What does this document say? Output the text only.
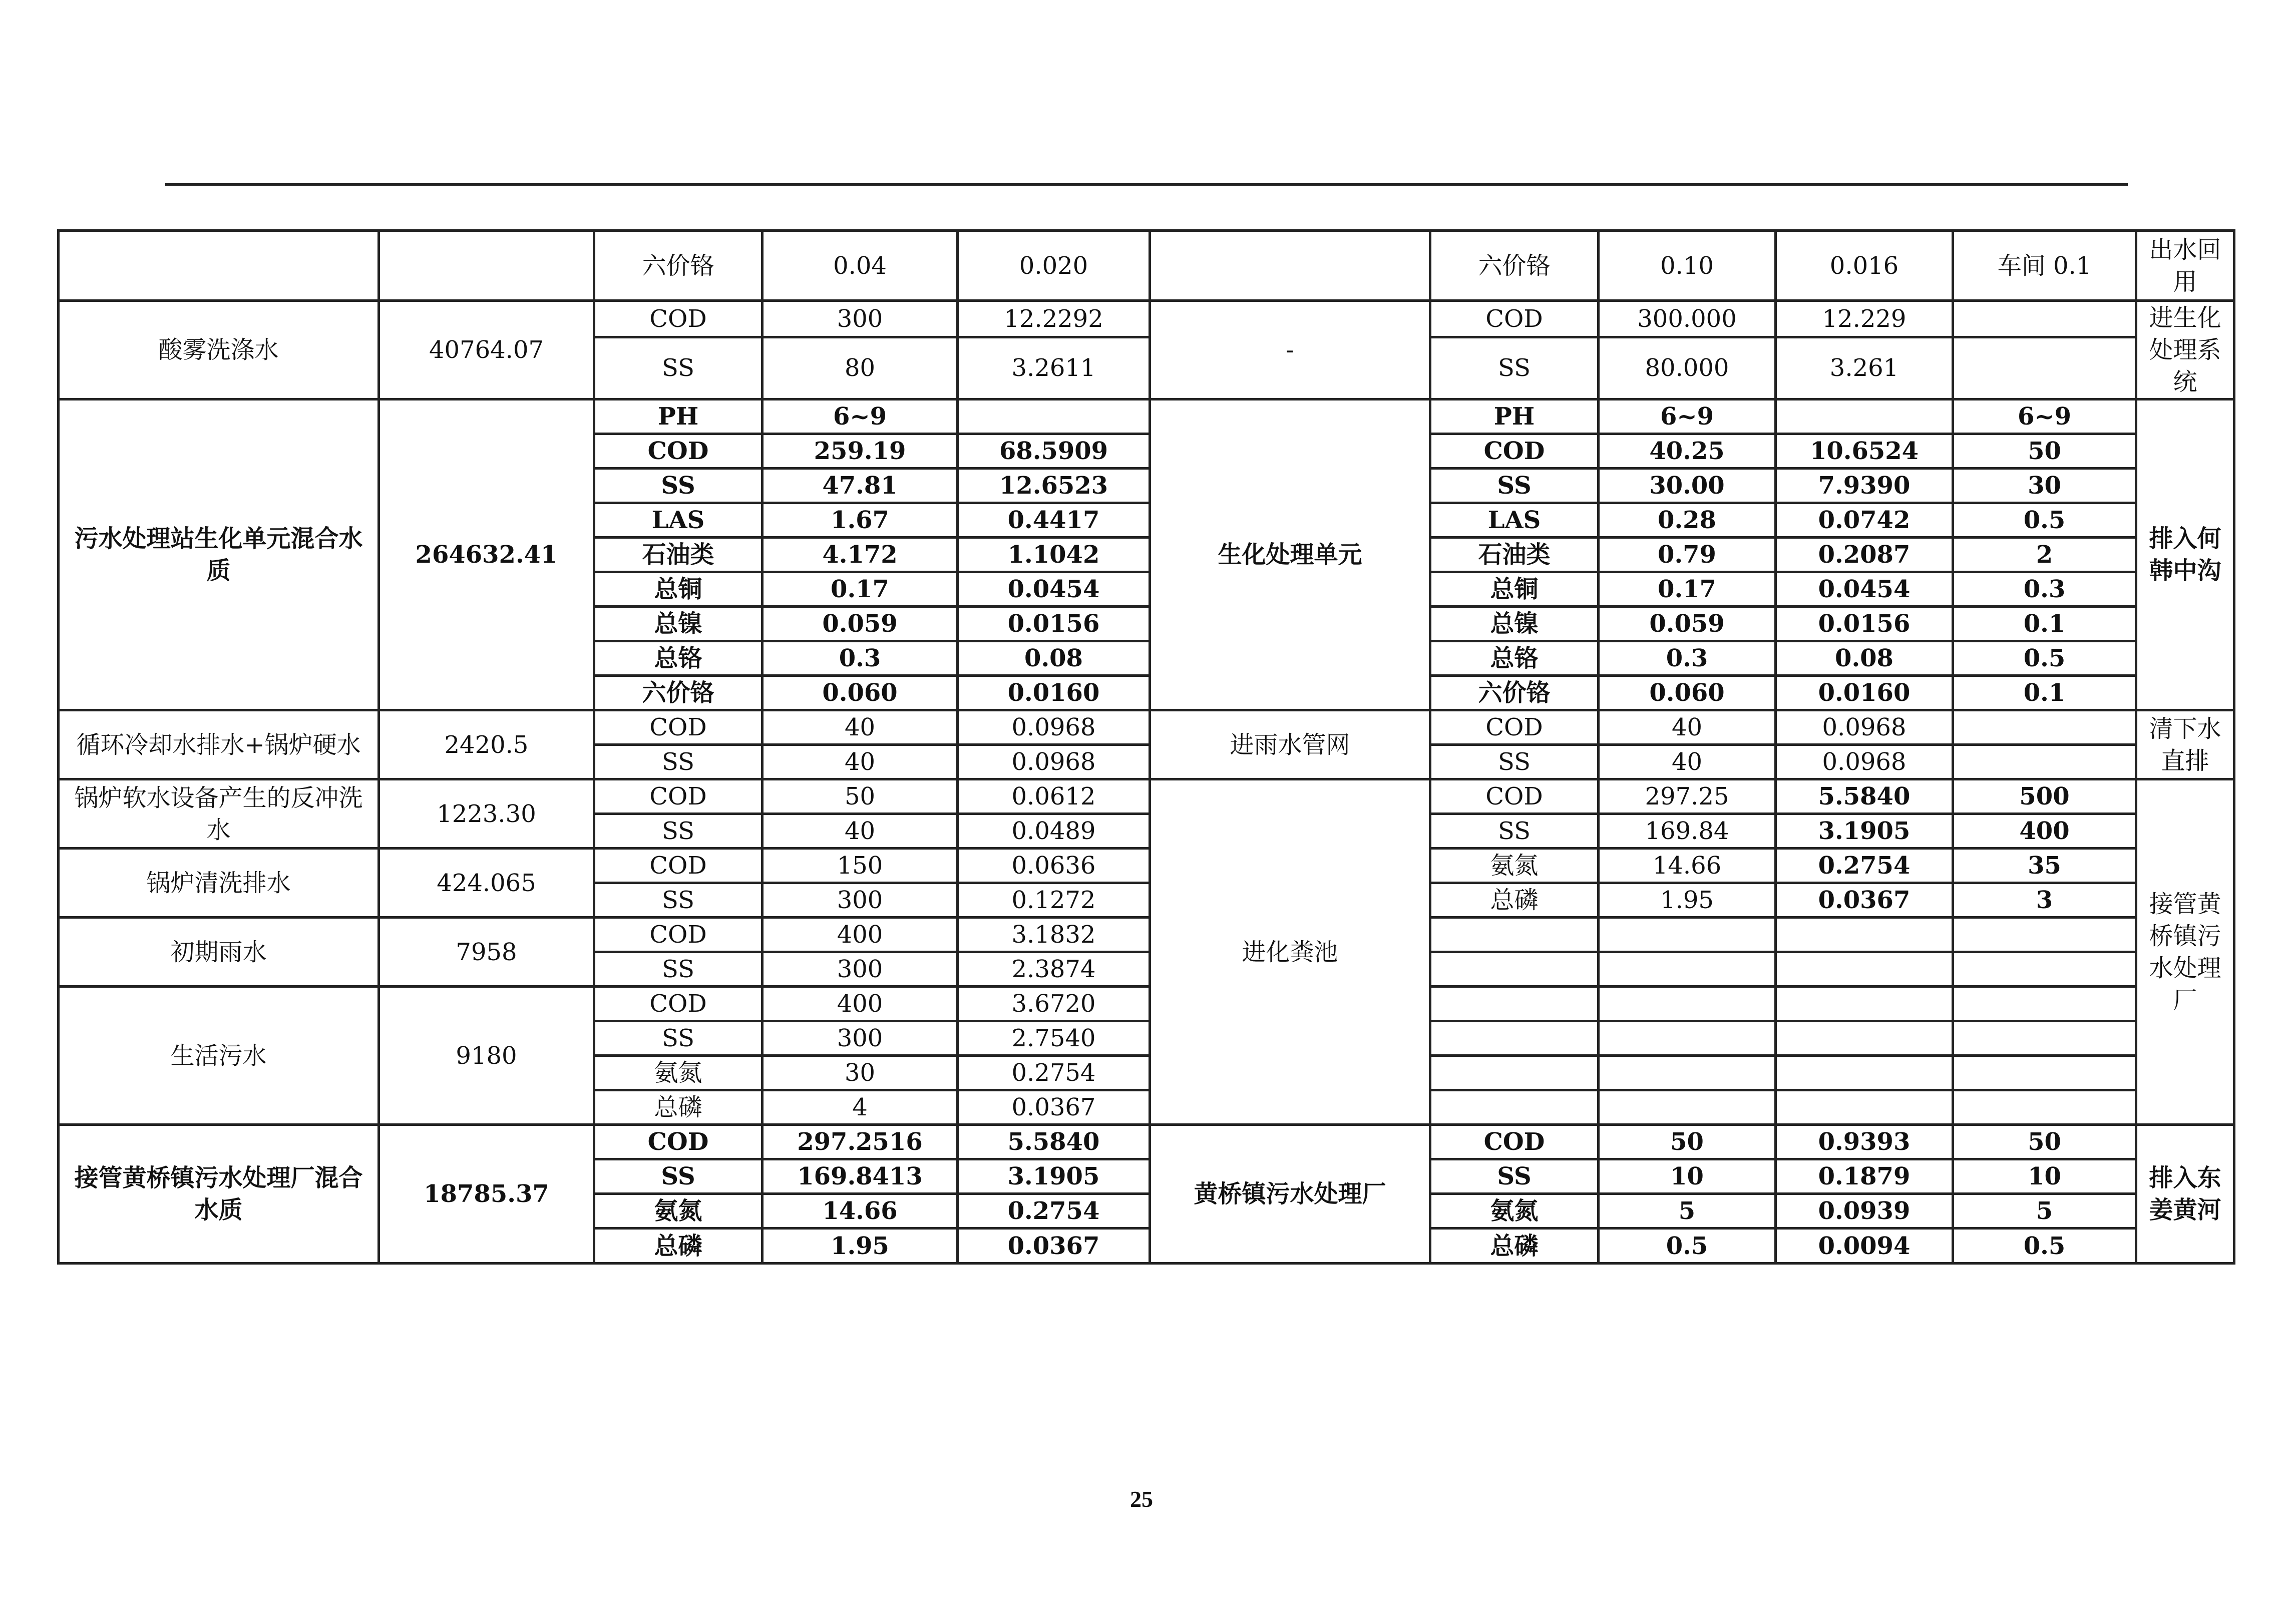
		六价铬	0.04	0.020		六价铬	0.10	0.016	车间 0.1	出水回用
酸雾洗涤水	40764.07	COD	300	12.2292	-	COD	300.000	12.229		进生化处理系统
		SS	80	3.2611		SS	80.000	3.261		
污水处理站生化单元混合水质	264632.41	PH	6~9		生化处理单元	PH	6~9		6~9	排入何韩中沟
		COD	259.19	68.5909		COD	40.25	10.6524	50	
		SS	47.81	12.6523		SS	30.00	7.9390	30	
		LAS	1.67	0.4417		LAS	0.28	0.0742	0.5	
		石油类	4.172	1.1042		石油类	0.79	0.2087	2	
		总铜	0.17	0.0454		总铜	0.17	0.0454	0.3	
		总镍	0.059	0.0156		总镍	0.059	0.0156	0.1	
		总铬	0.3	0.08		总铬	0.3	0.08	0.5	
		六价铬	0.060	0.0160		六价铬	0.060	0.0160	0.1	
循环冷却水排水+锅炉硬水	2420.5	COD	40	0.0968	进雨水管网	COD	40	0.0968		清下水直排
		SS	40	0.0968		SS	40	0.0968		
锅炉软水设备产生的反冲洗水	1223.30	COD	50	0.0612	进化粪池	COD	297.25	5.5840	500	接管黄桥镇污水处理厂
		SS	40	0.0489		SS	169.84	3.1905	400	
锅炉清洗排水	424.065	COD	150	0.0636		氨氮	14.66	0.2754	35	
		SS	300	0.1272		总磷	1.95	0.0367	3	
初期雨水	7958	COD	400	3.1832						
		SS	300	2.3874						
生活污水	9180	COD	400	3.6720						
		SS	300	2.7540						
		氨氮	30	0.2754						
		总磷	4	0.0367						
接管黄桥镇污水处理厂混合水质	18785.37	COD	297.2516	5.5840	黄桥镇污水处理厂	COD	50	0.9393	50	排入东姜黄河
		SS	169.8413	3.1905		SS	10	0.1879	10	
		氨氮	14.66	0.2754		氨氮	5	0.0939	5	
		总磷	1.95	0.0367		总磷	0.5	0.0094	0.5	
25
